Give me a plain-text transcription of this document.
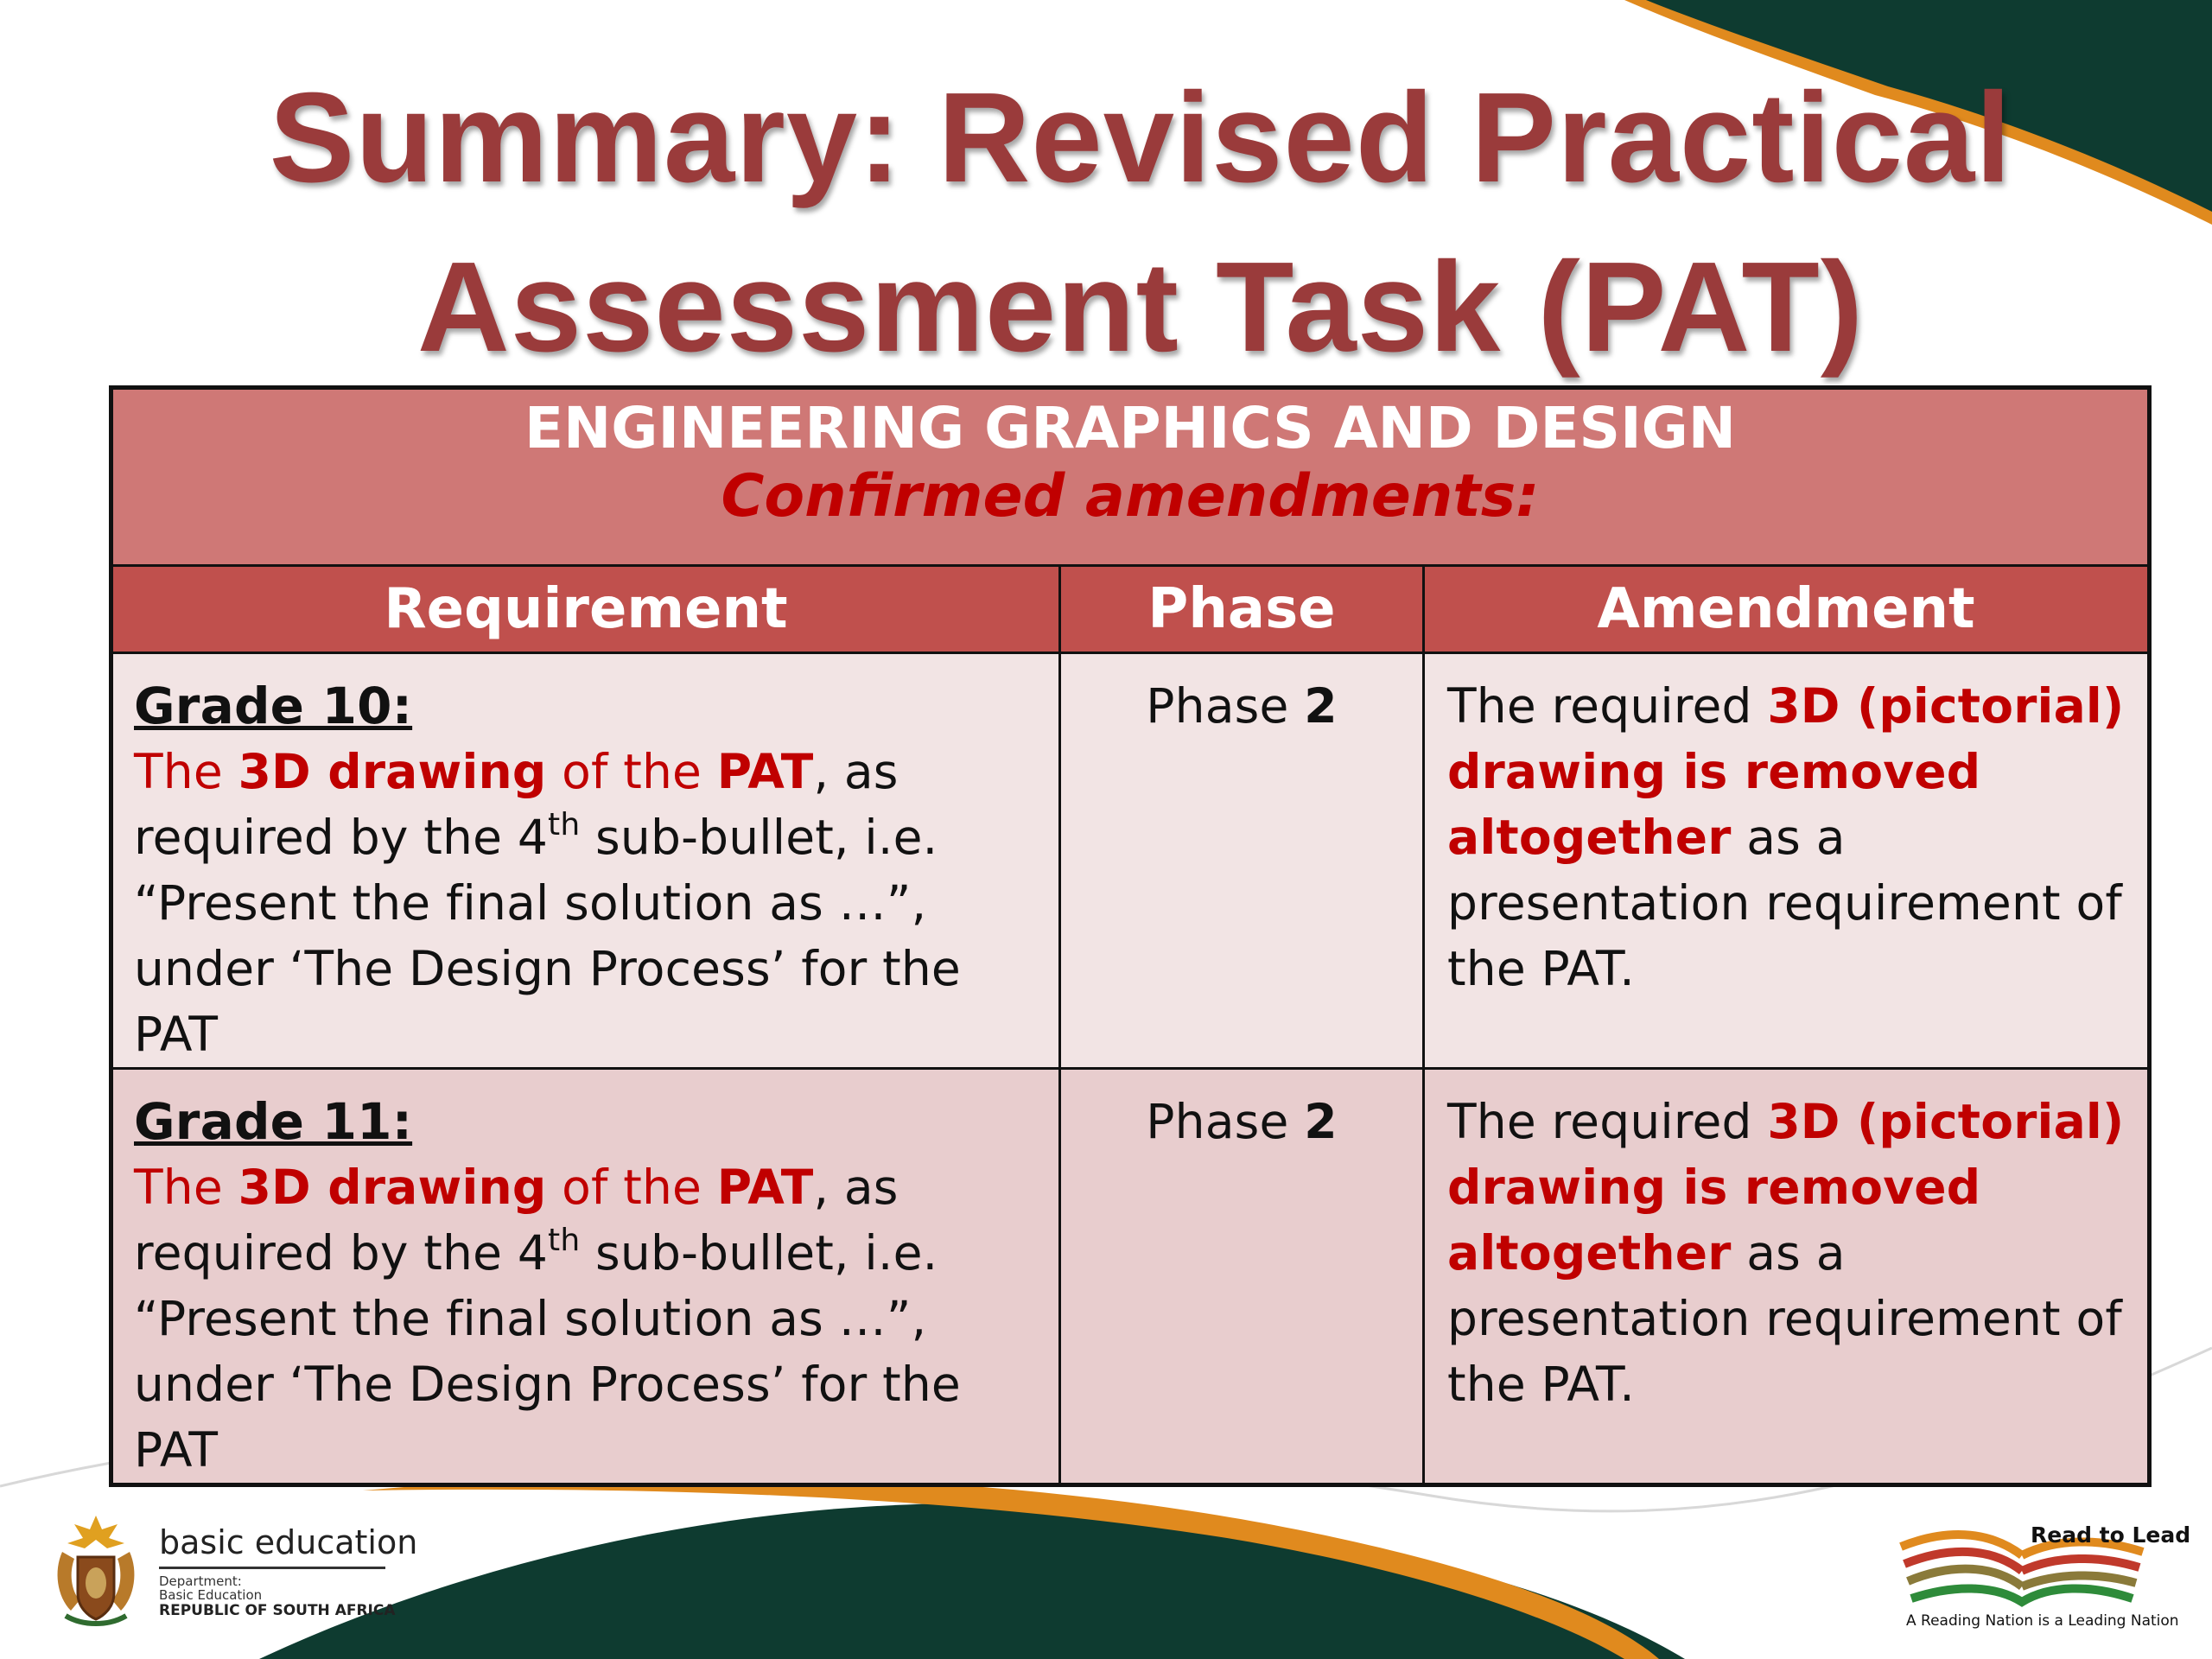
Summary: Revised Practical
Assessment Task (PAT)
ENGINEERING GRAPHICS AND DESIGN
Confirmed amendments:		

Requirement	Phase	Amendment

Grade 10:
The 3D drawing of the PAT, as required by the 4th sub-bullet, i.e. “Present the final solution as …”, under ‘The Design Process’ for the PAT	Phase 2	The required 3D (pictorial) drawing is removed altogether as a presentation requirement of the PAT.

Grade 11:
The 3D drawing of the PAT, as required by the 4th sub-bullet, i.e. “Present the final solution as …”, under ‘The Design Process’ for the PAT	Phase 2	The required 3D (pictorial) drawing is removed altogether as a presentation requirement of the PAT.
basic education
Department:
Basic Education
REPUBLIC OF SOUTH AFRICA
Read to Lead
A Reading Nation is a Leading Nation
